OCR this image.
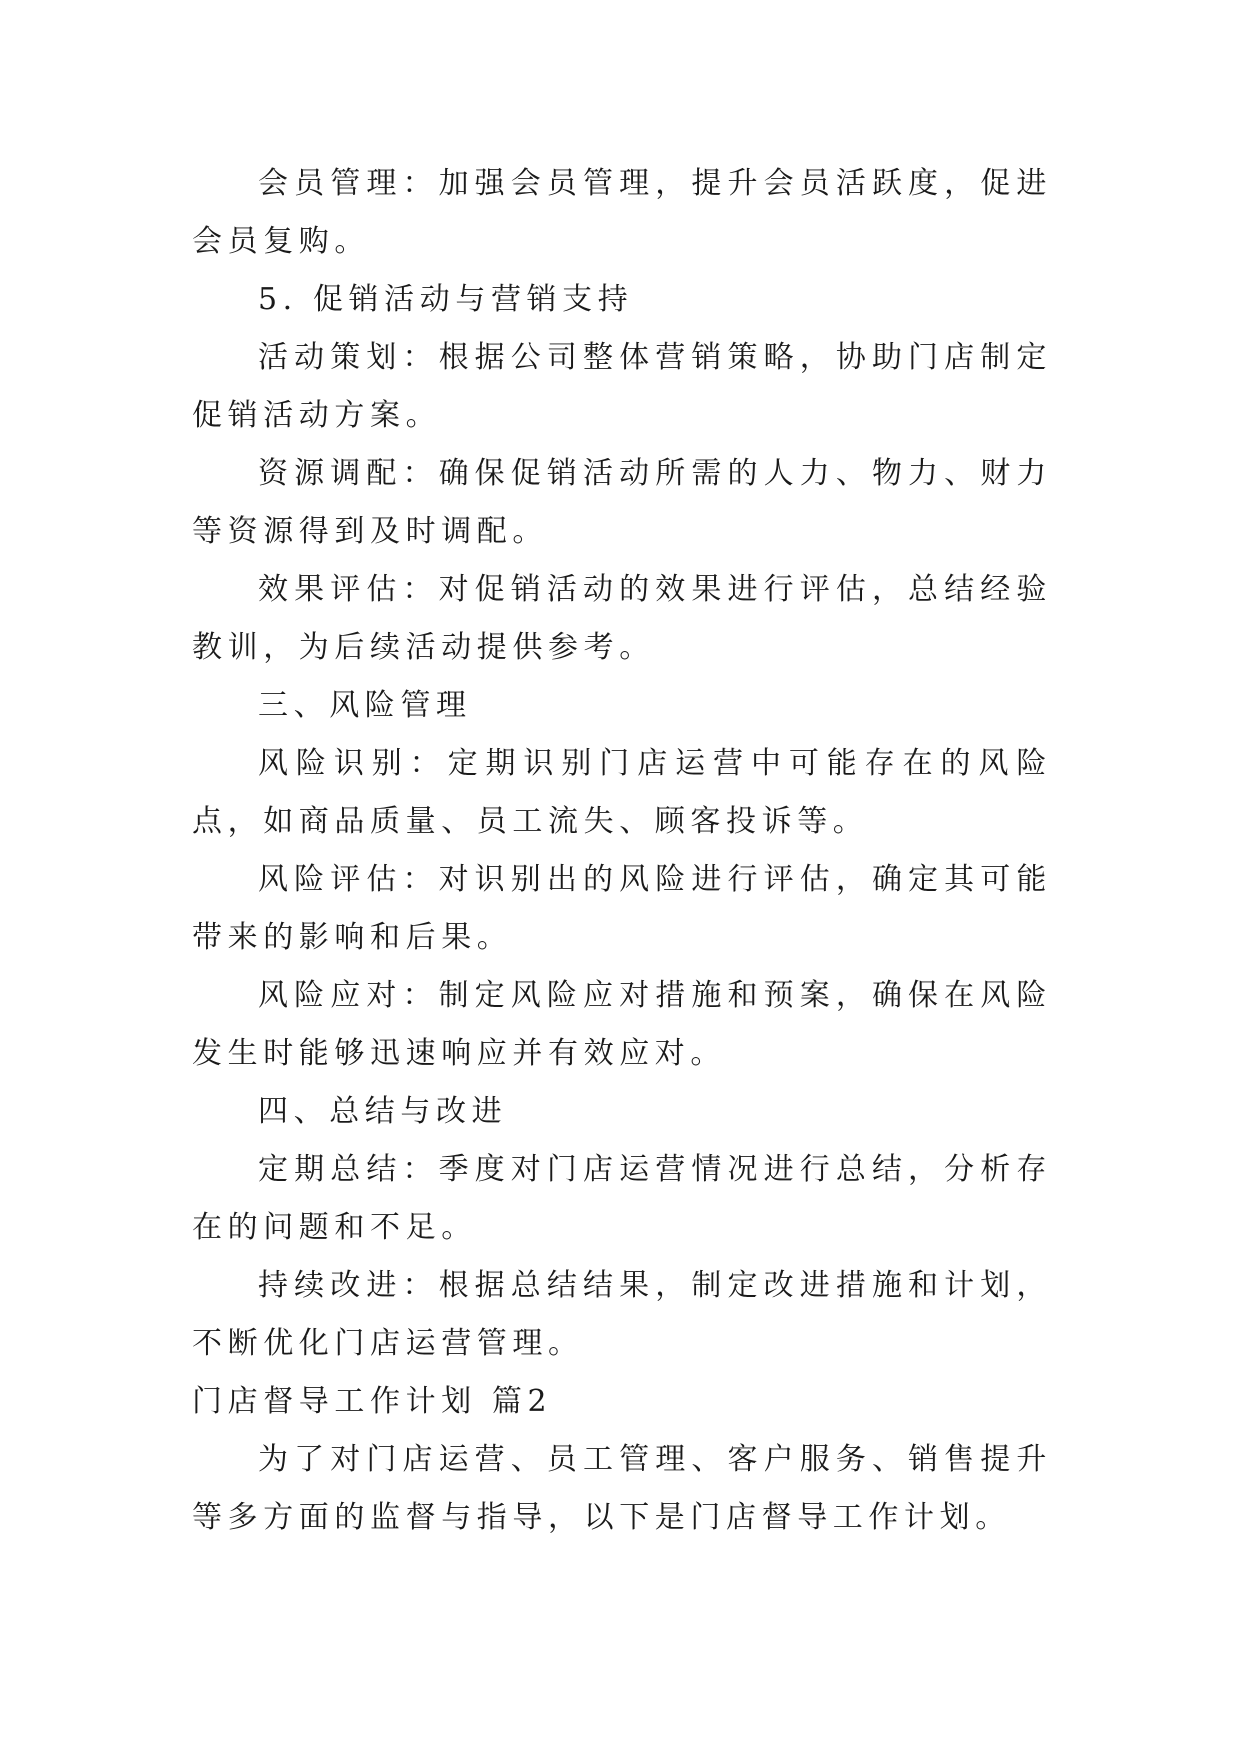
会员管理：加强会员管理，提升会员活跃度，促进会员复购。

5. 促销活动与营销支持

活动策划：根据公司整体营销策略，协助门店制定促销活动方案。

资源调配：确保促销活动所需的人力、物力、财力等资源得到及时调配。

效果评估：对促销活动的效果进行评估，总结经验教训，为后续活动提供参考。

三、风险管理

风险识别：定期识别门店运营中可能存在的风险点，如商品质量、员工流失、顾客投诉等。

风险评估：对识别出的风险进行评估，确定其可能带来的影响和后果。

风险应对：制定风险应对措施和预案，确保在风险发生时能够迅速响应并有效应对。

四、总结与改进

定期总结：季度对门店运营情况进行总结，分析存在的问题和不足。

持续改进：根据总结结果，制定改进措施和计划，不断优化门店运营管理。

门店督导工作计划 篇2

为了对门店运营、员工管理、客户服务、销售提升等多方面的监督与指导，以下是门店督导工作计划。
